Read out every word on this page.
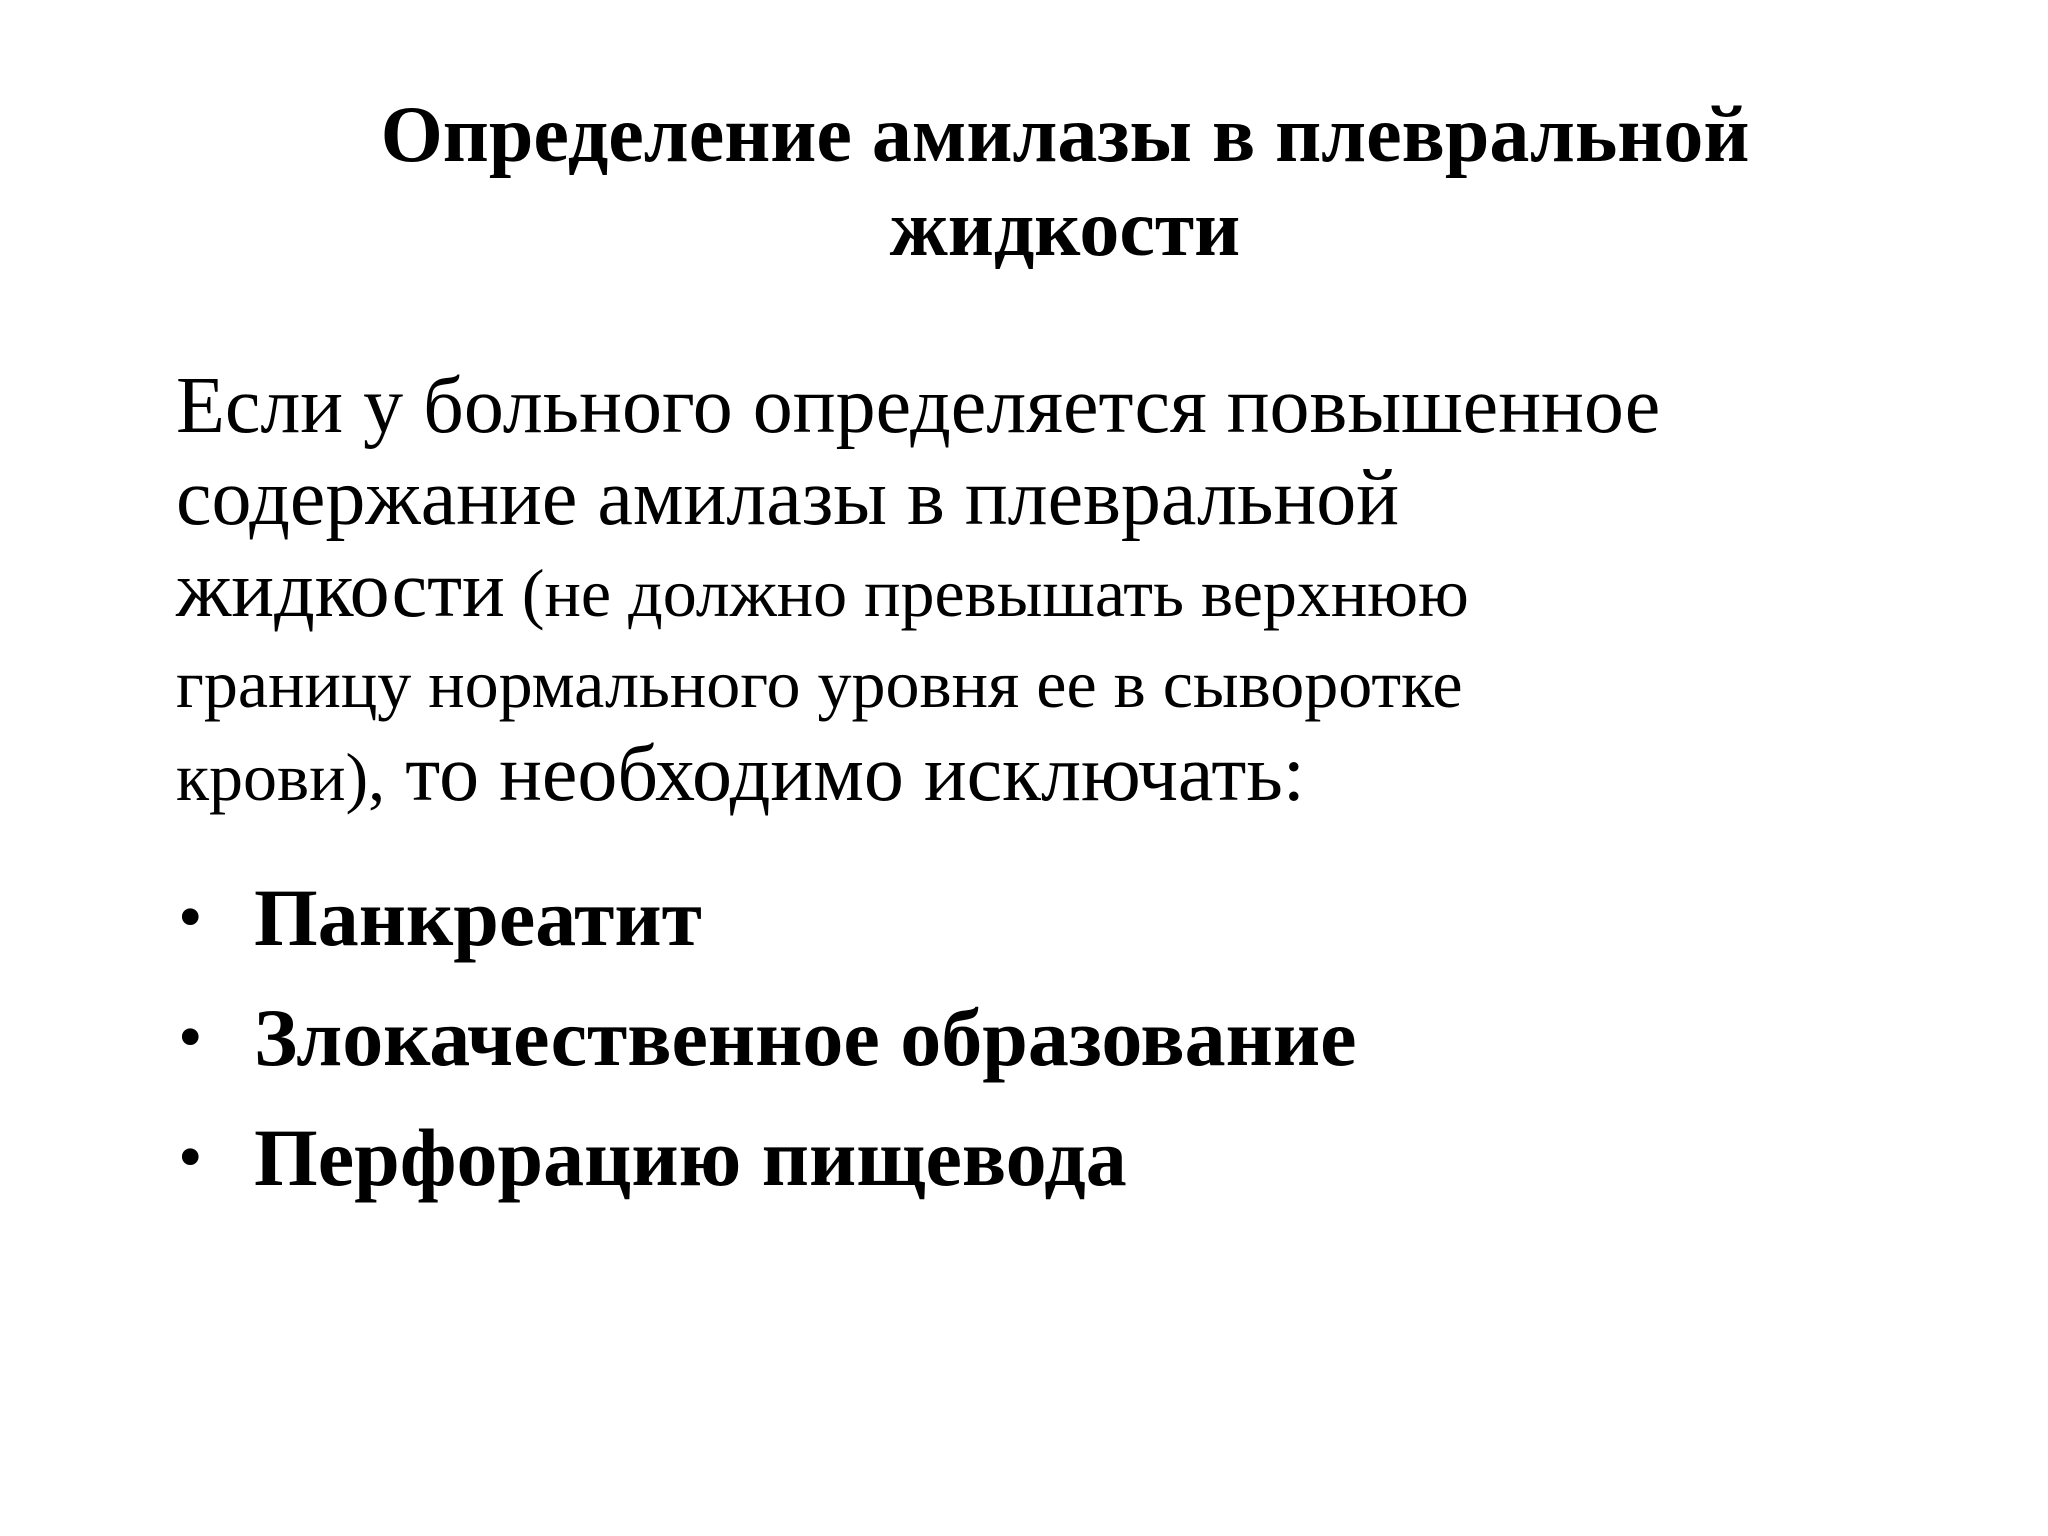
Определение амилазы в плевральной жидкости

Если у больного определяется повышенное
содержание амилазы в плевральной
жидкости (не должно превышать верхнюю
границу нормального уровня ее в сыворотке
крови), то необходимо исключать:

• Панкреатит
• Злокачественное образование
• Перфорацию пищевода
